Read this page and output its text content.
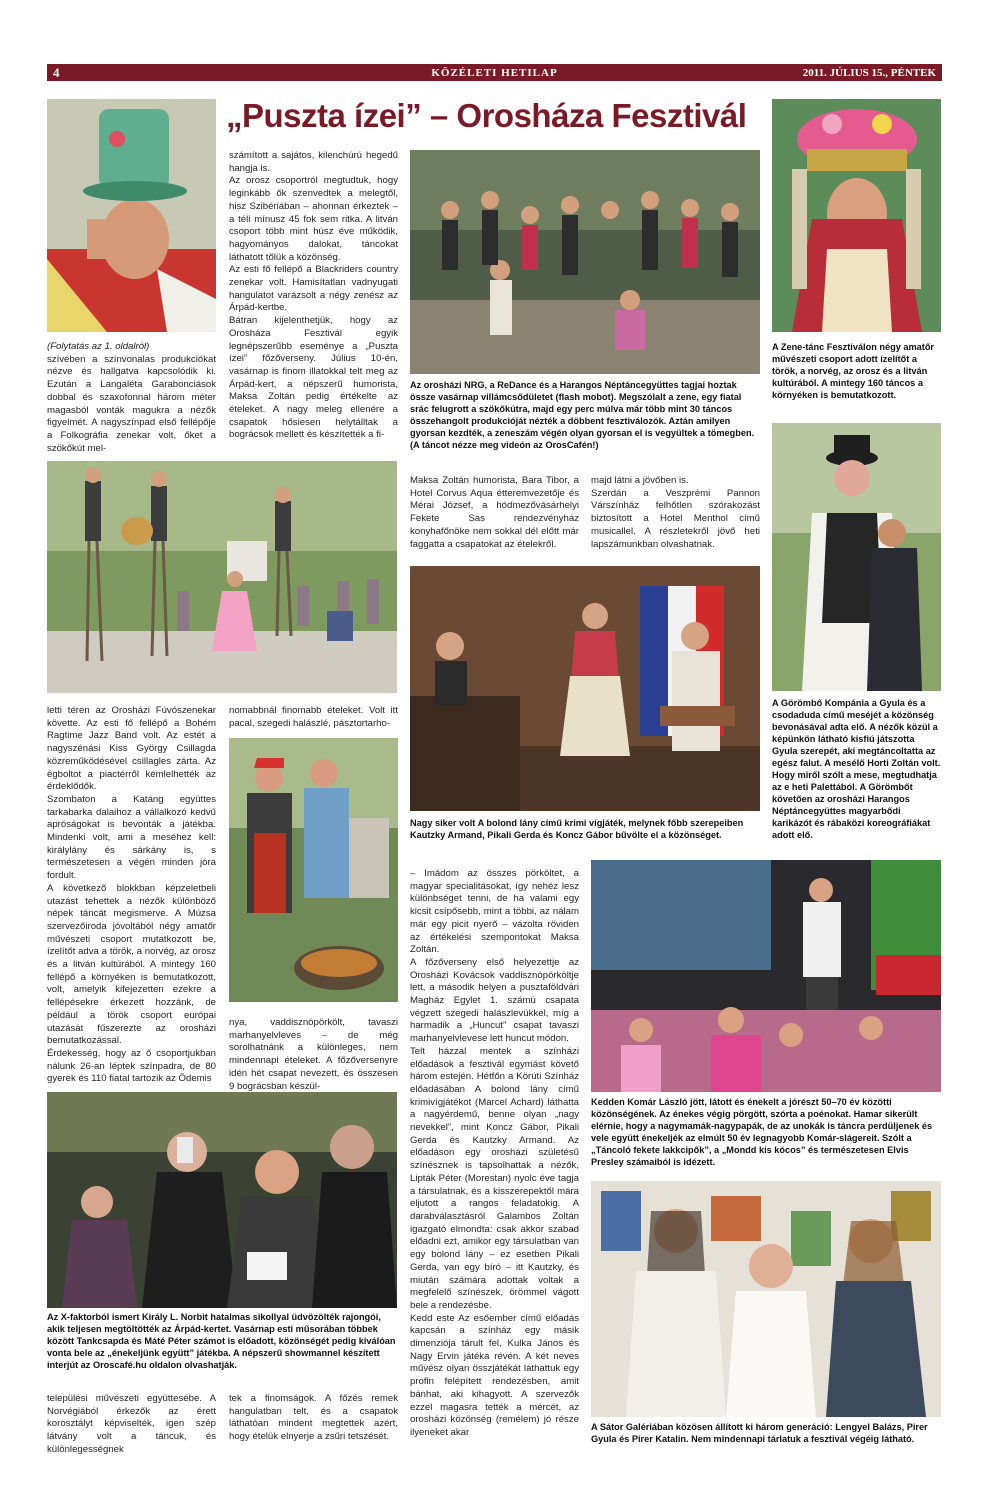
4	KÖZÉLETI HETILAP	2011. JÚLIUS 15., PÉNTEK
„Puszta ízei” – Orosháza Fesztivál

(Folytatás az 1. oldalról)

szívében a színvonalas produkciókat nézve és hallgatva kapcsolódik ki. Ezután a Langaléta Garabonciások dobbal és szaxofonnal három méter magasból vonták magukra a nézők figyelmét. A nagyszínpad első fellépője a Folkográfia zenekar volt, őket a szökőkút mel-

számított a sajátos, kilenchúrú hegedű hangja is.

Az orosz csoportról megtudtuk, hogy leginkább ők szenvedtek a melegtől, hisz Szibériában – ahonnan érkeztek – a téli mínusz 45 fok sem ritka. A litván csoport több mint húsz éve működik, hagyományos dalokat, táncokat láthatott tőlük a közönség.

Az esti fő fellépő a Blackriders country zenekar volt. Hamisítatlan vadnyugati hangulatot varázsolt a négy zenész az Árpád-kertbe.

Bátran kijelenthetjük, hogy az Orosháza Fesztivál egyik legnépszerűbb eseménye a „Puszta ízei” főzőverseny. Július 10-én, vasárnap is finom illatokkal telt meg az Árpád-kert, a népszerű humorista, Maksa Zoltán pedig értékelte az ételeket. A nagy meleg ellenére a csapatok hősiesen helytálltak a bográcsok mellett és készítették a fi-

Az orosházi NRG, a ReDance és a Harangos Néptáncegyüttes tagjai hoztak össze vasárnap villámcsődületet (flash mobot). Megszólalt a zene, egy fiatal srác felugrott a szökőkútra, majd egy perc múlva már több mint 30 táncos összehangolt produkcióját nézték a döbbent fesztiválozók. Aztán amilyen gyorsan kezdték, a zeneszám végén olyan gyorsan el is vegyültek a tömegben. (A táncot nézze meg videón az OrosCafén!)

A Zene-tánc Fesztiválon négy amatőr művészeti csoport adott ízelítőt a török, a norvég, az orosz és a litván kultúrából. A mintegy 160 táncos a környéken is bemutatkozott.

Maksa Zoltán humorista, Bara Tibor, a Hotel Corvus Aqua étteremvezetője és Mérai József, a hódmezővásárhelyi Fekete Sas rendezvényház konyhafőnöke nem sokkal dél előtt már faggatta a csapatokat az ételekről.

majd látni a jövőben is.

Szerdán a Veszprémi Pannon Várszínház felhőtlen szórakozást biztosított a Hotel Menthol című musicallel. A részletekről jövő heti lapszámunkban olvashatnak.

letti téren az Orosházi Fúvószenekar követte. Az esti fő fellépő a Bohém Ragtime Jazz Band volt. Az estét a nagyszénási Kiss György Csillagda közreműködésével csillagles zárta. Az égboltot a piactérről kémlelhették az érdeklődők.

Szombaton a Katáng együttes tarkabarka dalaihoz a vállalkozó kedvű apróságokat is bevonták a játékba. Mindenki volt, ami a meséhez kell: királylány és sárkány is, s természetesen a végén minden jóra fordult.

A következő blokkban képzeletbeli utazást tehettek a nézők különböző népek táncát megismerve. A Múzsa szervezőiroda jóvoltából négy amatőr művészeti csoport mutatkozott be, ízelítőt adva a török, a norvég, az orosz és a litván kultúrából. A mintegy 160 fellépő a környéken is bemutatkozott, volt, amelyik kifejezetten ezekre a fellépésekre érkezett hozzánk, de például a török csoport európai utazását fűszerezte az orosházi bemutatkozással.

Érdekesség, hogy az ő csoportjukban nálunk 26-an léptek színpadra, de 80 gyerek és 110 fiatal tartozik az Ödemis

nomabbnál finomabb ételeket. Volt itt pacal, szegedi halászlé, pásztortarho-

Nagy siker volt A bolond lány című krimi vígjáték, melynek főbb szerepeiben Kautzky Armand, Pikali Gerda és Koncz Gábor bűvölte el a közönséget.

A Görömbő Kompánia a Gyula és a csodaduda című meséjét a közönség bevonásával adta elő. A nézők közül a képünkön látható kisfiú játszotta Gyula szerepét, aki megtáncoltatta az egész falut. A mesélő Horti Zoltán volt. Hogy miről szólt a mese, megtudhatja az e heti Palettából. A Görömbőt követően az orosházi Harangos Néptáncegyüttes magyarbődi karikázót és rábaközi koreográfiákat adott elő.

– Imádom az összes pörköltet, a magyar specialitásokat, így nehéz lesz különbséget tenni, de ha valami egy kicsit csípősebb, mint a többi, az nálam már egy picit nyerő – vázolta röviden az értékelési szempontokat Maksa Zoltán.

A főzőverseny első helyezettje az Orosházi Kovácsok vaddisznópörköltje lett, a második helyen a pusztaföldvári Magház Egylet 1. számú csapata végzett szegedi halászlevükkel, míg a harmadik a „Huncut” csapat tavaszi marhanyelvlevese lett huncut módon.

Telt házzal mentek a színházi előadások a fesztivál egymást követő három estején. Hétfőn a Körúti Színház előadásában A bolond lány című krimivígjátékot (Marcel Achard) láthatta a nagyérdemű, benne olyan „nagy nevekkel”, mint Koncz Gábor, Pikali Gerda és Kautzky Armand. Az előadáson egy orosházi születésű színésznek is tapsolhattak a nézők, Lipták Péter (Morestan) nyolc éve tagja a társulatnak, és a kisszerepektől mára eljutott a rangos feladatokig. A darabválasztásról Galambos Zoltán igazgató elmondta: csak akkor szabad előadni ezt, amikor egy társulatban van egy bolond lány – ez esetben Pikali Gerda, van egy bíró – itt Kautzky, és miután számára adottak voltak a megfelelő színészek, örömmel vágott bele a rendezésbe.

Kedd este Az esőember című előadás kapcsán a színház egy másik dimenziója tárult fel, Kulka János és Nagy Ervin játéka révén. A két neves művész olyan összjátékát láthattuk egy profin felépített rendezésben, amit bánhat, aki kihagyott. A szervezők ezzel magasra tették a mércét, az orosházi közönség (remélem) jó része ilyeneket akar

Kedden Komár László jött, látott és énekelt a jórészt 50–70 év közötti közönségének. Az énekes végig pörgött, szórta a poénokat. Hamar sikerült elérnie, hogy a nagymamák-nagypapák, de az unokák is táncra perdüljenek és vele együtt énekeljék az elmúlt 50 év legnagyobb Komár-slágereit. Szólt a „Táncoló fekete lakkcipők”, a „Mondd kis kócos” és természetesen Elvis Presley számaiból is idézett.

nya, vaddisznópörkölt, tavaszi marhanyelvleves – de még sorolhatnánk a különleges, nem mindennapi ételeket. A főzőversenyre idén hét csapat nevezett, és összesen 9 bográcsban készül-

Az X-faktorból ismert Király L. Norbit hatalmas sikollyal üdvözölték rajongói, akik teljesen megtöltötték az Árpád-kertet. Vasárnap esti műsorában többek között Tankcsapda és Máté Péter számot is előadott, közönségét pedig kiválóan vonta bele az „énekeljünk együtt” játékba. A népszerű showmannel készített interjút az Oroscafé.hu oldalon olvashatják.

A Sátor Galériában közösen állított ki három generáció: Lengyel Balázs, Pirer Gyula és Pirer Katalin. Nem mindennapi tárlatuk a fesztivál végéig látható.

települési művészeti együttesébe. A Norvégiából érkezők az érett korosztályt képviselték, igen szép látvány volt a táncuk, és különlegességnek

tek a finomságok. A főzés remek hangulatban telt, és a csapatok láthatóan mindent megtettek azért, hogy ételük elnyerje a zsűri tetszését.
